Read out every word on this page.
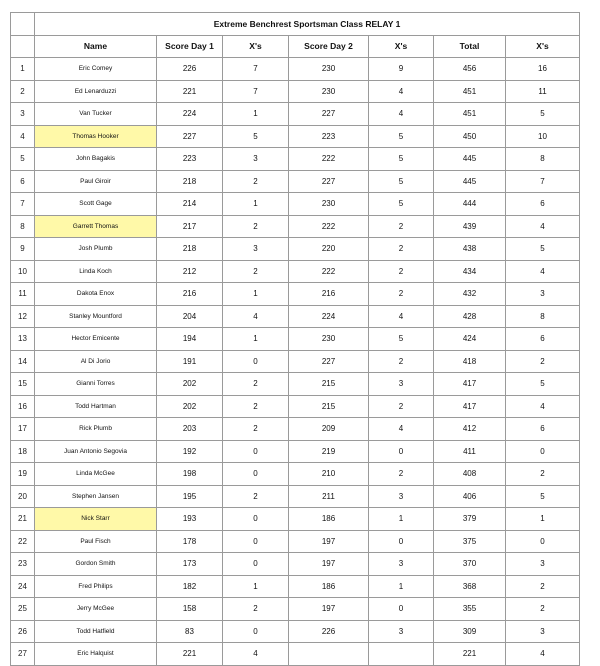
	Extreme Benchrest Sportsman Class RELAY 1						
	Name	Score Day 1	X's	Score Day 2	X's	Total	X's
1	Eric Comey	226	7	230	9	456	16
2	Ed Lenarduzzi	221	7	230	4	451	11
3	Van Tucker	224	1	227	4	451	5
4	Thomas Hooker	227	5	223	5	450	10
5	John Bagakis	223	3	222	5	445	8
6	Paul Giroir	218	2	227	5	445	7
7	Scott Gage	214	1	230	5	444	6
8	Garrett Thomas	217	2	222	2	439	4
9	Josh Plumb	218	3	220	2	438	5
10	Linda Koch	212	2	222	2	434	4
11	Dakota Enox	216	1	216	2	432	3
12	Stanley Mountford	204	4	224	4	428	8
13	Hector Emicente	194	1	230	5	424	6
14	Al Di Jorio	191	0	227	2	418	2
15	Gianni Torres	202	2	215	3	417	5
16	Todd Hartman	202	2	215	2	417	4
17	Rick Plumb	203	2	209	4	412	6
18	Juan Antonio Segovia	192	0	219	0	411	0
19	Linda McGee	198	0	210	2	408	2
20	Stephen Jansen	195	2	211	3	406	5
21	Nick Starr	193	0	186	1	379	1
22	Paul Fisch	178	0	197	0	375	0
23	Gordon Smith	173	0	197	3	370	3
24	Fred Philips	182	1	186	1	368	2
25	Jerry McGee	158	2	197	0	355	2
26	Todd Hatfield	83	0	226	3	309	3
27	Eric Halquist	221	4			221	4
